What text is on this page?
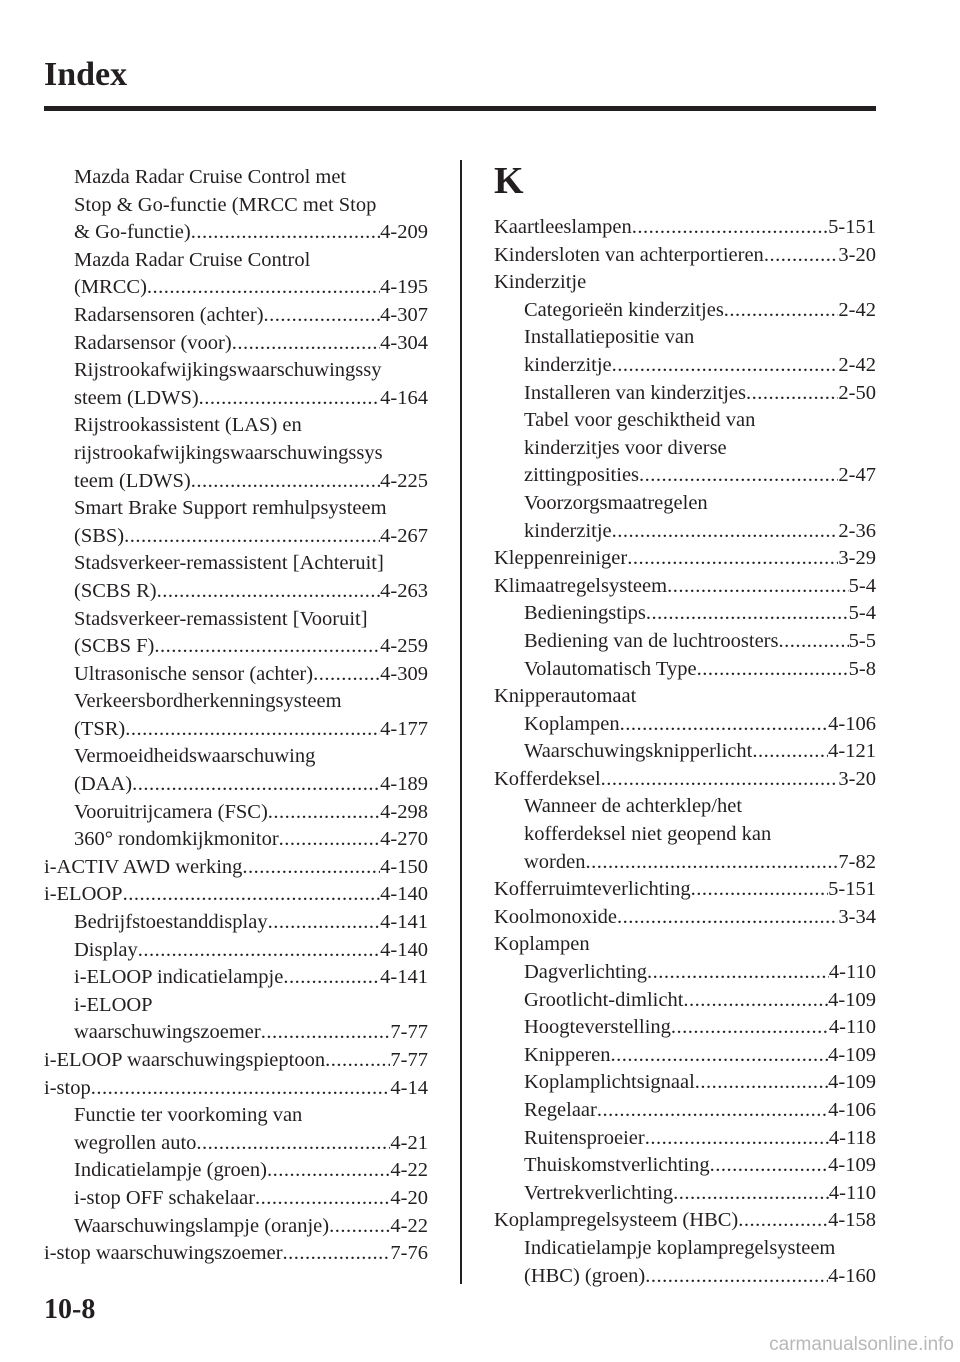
Index
Mazda Radar Cruise Control met
Stop & Go-functie (MRCC met Stop
& Go-functie) .....	4-209
Mazda Radar Cruise Control
(MRCC) .....	4-195
Radarsensoren (achter) .....	4-307
Radarsensor (voor) .....	4-304
Rijstrookafwijkingswaarschuwingssy
steem (LDWS) .....	4-164
Rijstrookassistent (LAS) en
rijstrookafwijkingswaarschuwingssys
teem (LDWS) .....	4-225
Smart Brake Support remhulpsysteem
(SBS) .....	4-267
Stadsverkeer-remassistent [Achteruit]
(SCBS R) .....	4-263
Stadsverkeer-remassistent [Vooruit]
(SCBS F) .....	4-259
Ultrasonische sensor (achter) .....	4-309
Verkeersbordherkenningsysteem
(TSR) .....	4-177
Vermoeidheidswaarschuwing
(DAA) .....	4-189
Vooruitrijcamera (FSC) .....	4-298
360° rondomkijkmonitor .....	4-270
i-ACTIV AWD werking .....	4-150
i-ELOOP .....	4-140
Bedrijfstoestanddisplay .....	4-141
Display .....	4-140
i-ELOOP indicatielampje .....	4-141
i-ELOOP
waarschuwingszoemer .....	7-77
i-ELOOP waarschuwingspieptoon .....	7-77
i-stop .....	4-14
Functie ter voorkoming van
wegrollen auto .....	4-21
Indicatielampje (groen) .....	4-22
i-stop OFF schakelaar .....	4-20
Waarschuwingslampje (oranje) .....	4-22
i-stop waarschuwingszoemer .....	7-76
K
Kaartleeslampen .....	5-151
Kindersloten van achterportieren .....	3-20
Kinderzitje
Categorieën kinderzitjes .....	2-42
Installatiepositie van
kinderzitje .....	2-42
Installeren van kinderzitjes .....	2-50
Tabel voor geschiktheid van
kinderzitjes voor diverse
zittingposities .....	2-47
Voorzorgsmaatregelen
kinderzitje .....	2-36
Kleppenreiniger .....	3-29
Klimaatregelsysteem .....	5-4
Bedieningstips .....	5-4
Bediening van de luchtroosters .....	5-5
Volautomatisch Type .....	5-8
Knipperautomaat
Koplampen .....	4-106
Waarschuwingsknipperlicht .....	4-121
Kofferdeksel .....	3-20
Wanneer de achterklep/het
kofferdeksel niet geopend kan
worden .....	7-82
Kofferruimteverlichting .....	5-151
Koolmonoxide .....	3-34
Koplampen
Dagverlichting .....	4-110
Grootlicht-dimlicht .....	4-109
Hoogteverstelling .....	4-110
Knipperen .....	4-109
Koplamplichtsignaal .....	4-109
Regelaar .....	4-106
Ruitensproeier .....	4-118
Thuiskomstverlichting .....	4-109
Vertrekverlichting .....	4-110
Koplampregelsysteem (HBC) .....	4-158
Indicatielampje koplampregelsysteem
(HBC) (groen) .....	4-160
10-8
carmanualsonline.info
